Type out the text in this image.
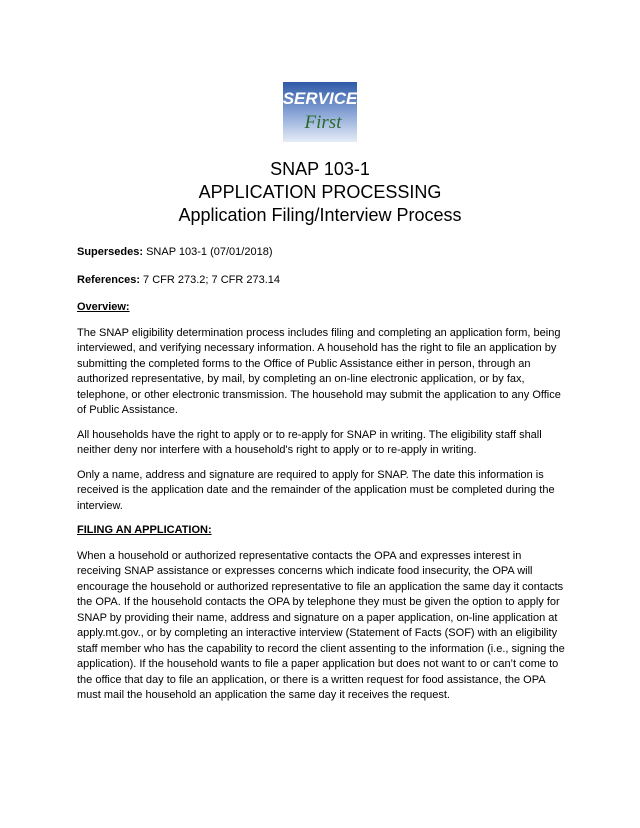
SERVICE
First
SNAP 103-1
APPLICATION PROCESSING
Application Filing/Interview Process
Supersedes: SNAP 103-1 (07/01/2018)
References: 7 CFR 273.2; 7 CFR 273.14
Overview:

The SNAP eligibility determination process includes filing and completing an application form, being interviewed, and verifying necessary information. A household has the right to file an application by submitting the completed forms to the Office of Public Assistance either in person, through an authorized representative, by mail, by completing an on-line electronic application, or by fax, telephone, or other electronic transmission. The household may submit the application to any Office of Public Assistance.

All households have the right to apply or to re-apply for SNAP in writing. The eligibility staff shall neither deny nor interfere with a household's right to apply or to re-apply in writing.

Only a name, address and signature are required to apply for SNAP. The date this information is received is the application date and the remainder of the application must be completed during the interview.

FILING AN APPLICATION:

When a household or authorized representative contacts the OPA and expresses interest in receiving SNAP assistance or expresses concerns which indicate food insecurity, the OPA will encourage the household or authorized representative to file an application the same day it contacts the OPA. If the household contacts the OPA by telephone they must be given the option to apply for SNAP by providing their name, address and signature on a paper application, on-line application at apply.mt.gov., or by completing an interactive interview (Statement of Facts (SOF) with an eligibility staff member who has the capability to record the client assenting to the information (i.e., signing the application). If the household wants to file a paper application but does not want to or can’t come to the office that day to file an application, or there is a written request for food assistance, the OPA must mail the household an application the same day it receives the request.
